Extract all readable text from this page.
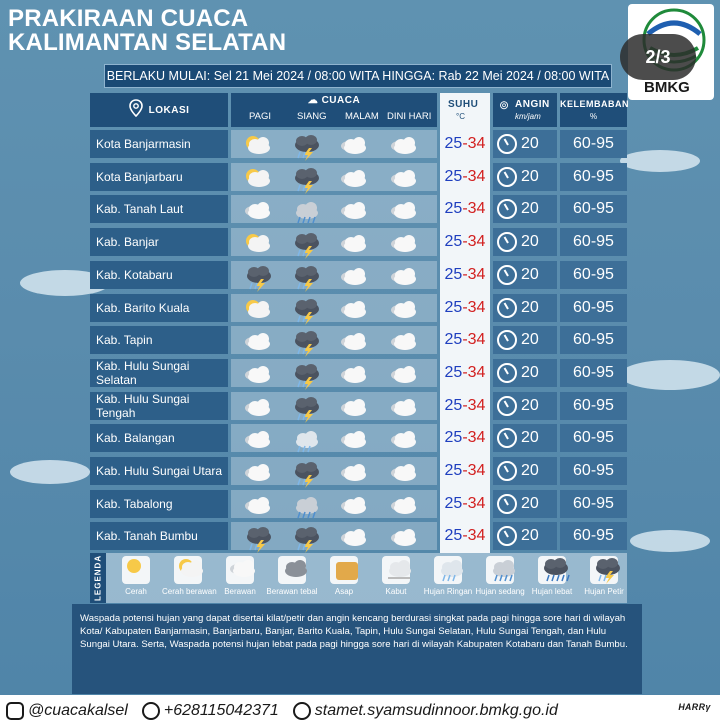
PRAKIRAAN CUACA
KALIMANTAN SELATAN
2/3
BMKG
BERLAKU MULAI: Sel 21 Mei 2024 / 08:00 WITA HINGGA: Rab 22 Mei 2024 / 08:00 WITA
LOKASI
☁ CUACA
PAGI	SIANG MALAM DINI HARI
SUHU
°C
⊚ ANGIN
km/jam
KELEMBABAN
%
Kota Banjarmasin	25 - 34 20	60-95
Kota Banjarbaru	25 - 34 20	60-95
Kab. Tanah Laut	25 - 34 20	60-95
Kab. Banjar	25 - 34 20	60-95
Kab. Kotabaru	25 - 34 20	60-95
Kab. Barito Kuala	25 - 34 20	60-95
Kab. Tapin	25 - 34 20	60-95
Kab. Hulu Sungai Selatan	25 - 34 20	60-95
Kab. Hulu Sungai Tengah	25 - 34 20	60-95
Kab. Balangan	25 - 34 20	60-95
Kab. Hulu Sungai Utara	25 - 34 20	60-95
Kab. Tabalong	25 - 34 20	60-95
Kab. Tanah Bumbu	25 - 34 20	60-95
LEGENDA	Cerah	Cerah berawan Berawan	Berawan tebal	Asap	Kabut	Hujan Ringan Hujan sedang Hujan lebat	Hujan Petir
Waspada potensi hujan yang dapat disertai kilat/petir dan angin kencang berdurasi singkat pada pagi hingga sore hari di wilayah Kota/ Kabupaten Banjarmasin, Banjarbaru, Banjar, Barito Kuala, Tapin, Hulu Sungai Selatan, Hulu Sungai Tengah, dan Hulu Sungai Utara. Serta, Waspada potensi hujan lebat pada pagi hingga sore hari di wilayah Kabupaten Kotabaru dan Tanah Bumbu.
@cuacakalsel +628115042371 stamet.syamsudinnoor.bmkg.go.id	ᴴᴬᴿᴿᵞ
